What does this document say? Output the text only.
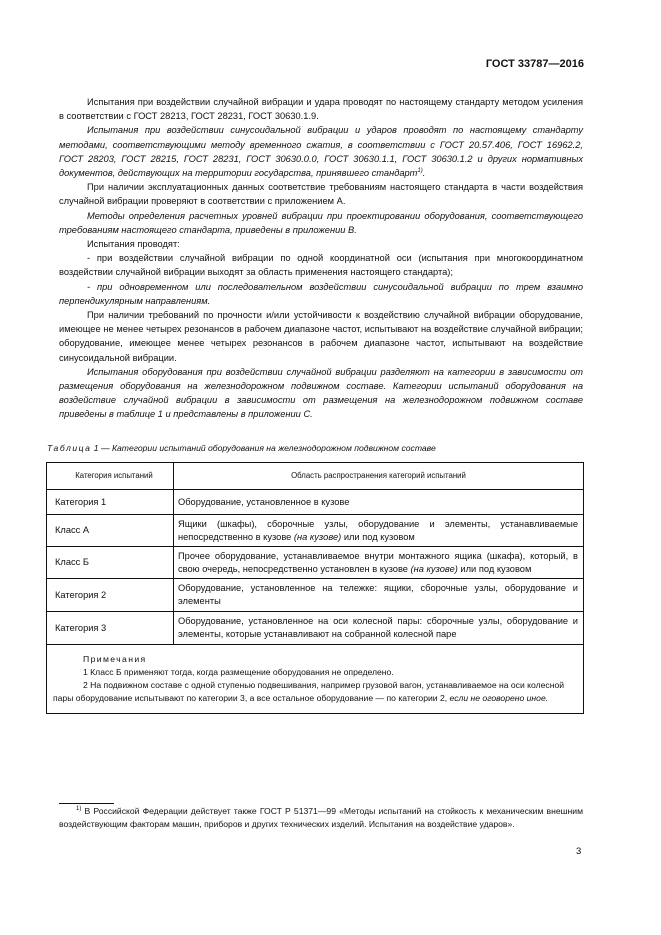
ГОСТ 33787—2016

Испытания при воздействии случайной вибрации и удара проводят по настоящему стандарту методом усиления в соответствии с ГОСТ 28213, ГОСТ 28231, ГОСТ 30630.1.9.

Испытания при воздействии синусоидальной вибрации и ударов проводят по настоящему стандарту методами, соответствующими методу временного сжатия, в соответствии с ГОСТ 20.57.406, ГОСТ 16962.2, ГОСТ 28203, ГОСТ 28215, ГОСТ 28231, ГОСТ 30630.0.0, ГОСТ 30630.1.1, ГОСТ 30630.1.2 и других нормативных документов, действующих на территории государства, принявшего стандарт$^{1)}$.

При наличии эксплуатационных данных соответствие требованиям настоящего стандарта в части воздействия случайной вибрации проверяют в соответствии с приложением А.

Методы определения расчетных уровней вибрации при проектировании оборудования, соответствующего требованиям настоящего стандарта, приведены в приложении В.

Испытания проводят:

- при воздействии случайной вибрации по одной координатной оси (испытания при многокоординатном воздействии случайной вибрации выходят за область применения настоящего стандарта);

- при одновременном или последовательном воздействии синусоидальной вибрации по трем взаимно перпендикулярным направлениям.

При наличии требований по прочности и/или устойчивости к воздействию случайной вибрации оборудование, имеющее не менее четырех резонансов в рабочем диапазоне частот, испытывают на воздействие случайной вибрации; оборудование, имеющее менее четырех резонансов в рабочем диапазоне частот, испытывают на воздействие синусоидальной вибрации.

Испытания оборудования при воздействии случайной вибрации разделяют на категории в зависимости от размещения оборудования на железнодорожном подвижном составе. Категории испытаний оборудования на воздействие случайной вибрации в зависимости от размещения на железнодорожном подвижном составе приведены в таблице 1 и представлены в приложении С.

Таблица 1 — Категории испытаний оборудования на железнодорожном подвижном составе
Категория испытаний	Область распространения категорий испытаний
Категория 1	Оборудование, установленное в кузове
Класс А	Ящики (шкафы), сборочные узлы, оборудование и элементы, устанавливаемые непосредственно в кузове (на кузове) или под кузовом
Класс Б	Прочее оборудование, устанавливаемое внутри монтажного ящика (шкафа), который, в свою очередь, непосредственно установлен в кузове (на кузове) или под кузовом
Категория 2	Оборудование, установленное на тележке: ящики, сборочные узлы, оборудование и элементы
Категория 3	Оборудование, установленное на оси колесной пары: сборочные узлы, оборудование и элементы, которые устанавливают на собранной колесной паре

Примечания
1 Класс Б применяют тогда, когда размещение оборудования не определено.
2 На подвижном составе с одной ступенью подвешивания, например грузовой вагон, устанавливаемое на оси колесной пары оборудование испытывают по категории 3, а все остальное оборудование — по категории 2, если не оговорено иное.	
$^{1)}$ В Российской Федерации действует также ГОСТ Р 51371—99 «Методы испытаний на стойкость к механическим внешним воздействующим факторам машин, приборов и других технических изделий. Испытания на воздействие ударов».
3
